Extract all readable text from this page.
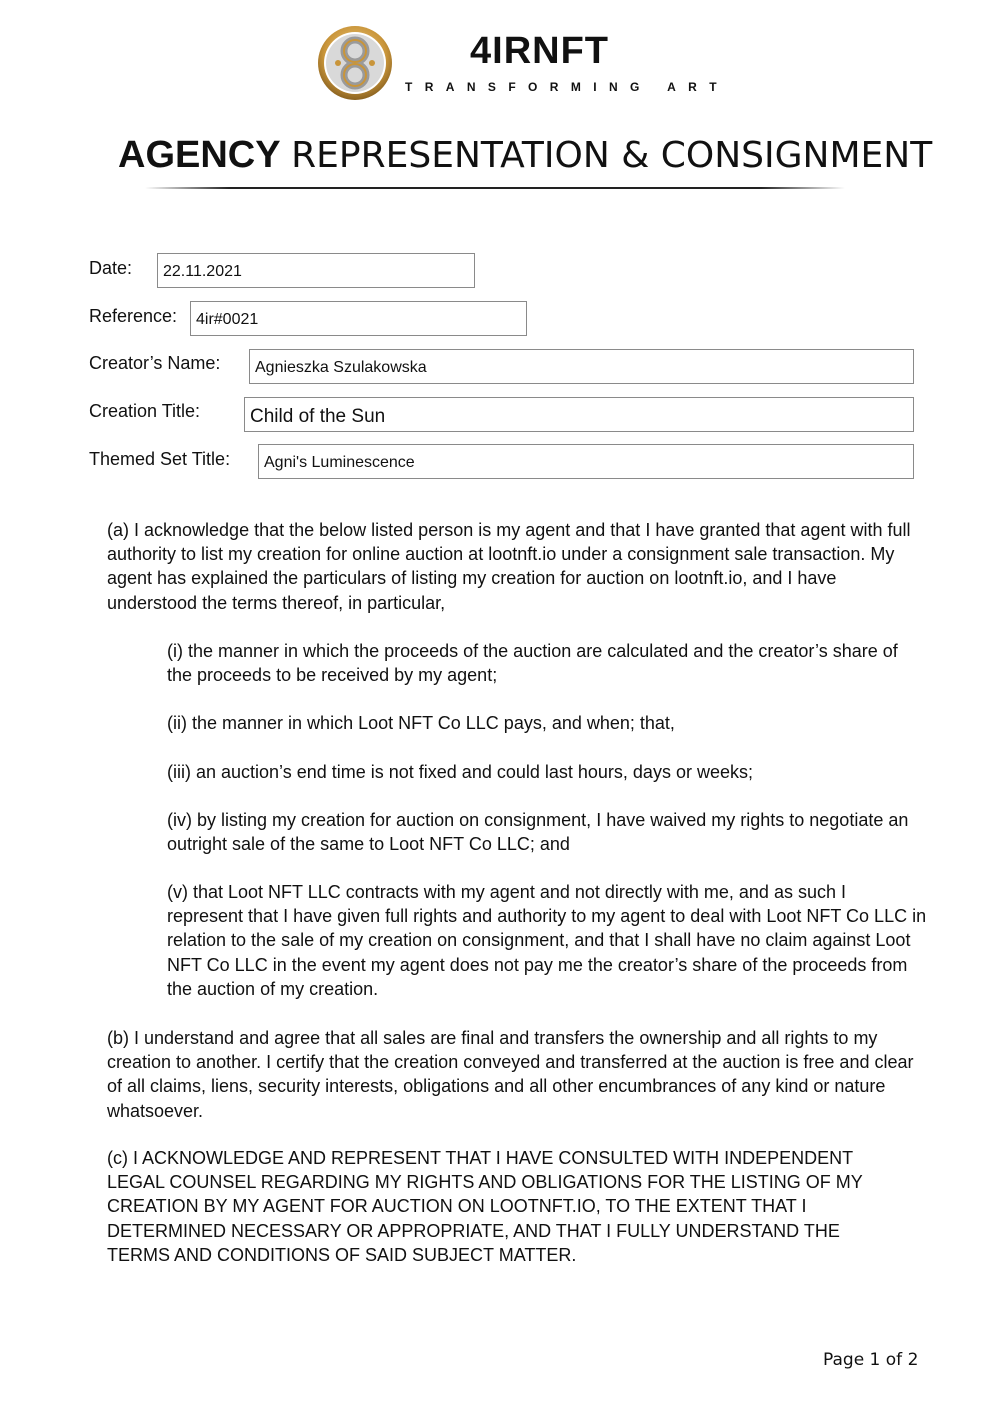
4IRNFT
TRANSFORMING ART
AGENCY REPRESENTATION & CONSIGNMENT
Date:	22.11.2021
Reference:	4ir#0021
Creator’s Name:	Agnieszka Szulakowska
Creation Title:	Child of the Sun
Themed Set Title:	Agni's Luminescence
(a) I acknowledge that the below listed person is my agent and that I have granted that agent with full authority to list my creation for online auction at lootnft.io under a consignment sale transaction. My agent has explained the particulars of listing my creation for auction on lootnft.io, and I have understood the terms thereof, in particular,
(i) the manner in which the proceeds of the auction are calculated and the creator’s share of the proceeds to be received by my agent;
(ii) the manner in which Loot NFT Co LLC pays, and when; that,
(iii) an auction’s end time is not fixed and could last hours, days or weeks;
(iv) by listing my creation for auction on consignment, I have waived my rights to negotiate an outright sale of the same to Loot NFT Co LLC; and
(v) that Loot NFT LLC contracts with my agent and not directly with me, and as such I represent that I have given full rights and authority to my agent to deal with Loot NFT Co LLC in relation to the sale of my creation on consignment, and that I shall have no claim against Loot NFT Co LLC in the event my agent does not pay me the creator’s share of the proceeds from the auction of my creation.
(b) I understand and agree that all sales are final and transfers the ownership and all rights to my creation to another. I certify that the creation conveyed and transferred at the auction is free and clear of all claims, liens, security interests, obligations and all other encumbrances of any kind or nature whatsoever.
(c) I ACKNOWLEDGE AND REPRESENT THAT I HAVE CONSULTED WITH INDEPENDENT LEGAL COUNSEL REGARDING MY RIGHTS AND OBLIGATIONS FOR THE LISTING OF MY CREATION BY MY AGENT FOR AUCTION ON LOOTNFT.IO, TO THE EXTENT THAT I DETERMINED NECESSARY OR APPROPRIATE, AND THAT I FULLY UNDERSTAND THE TERMS AND CONDITIONS OF SAID SUBJECT MATTER.
Page 1 of 2
